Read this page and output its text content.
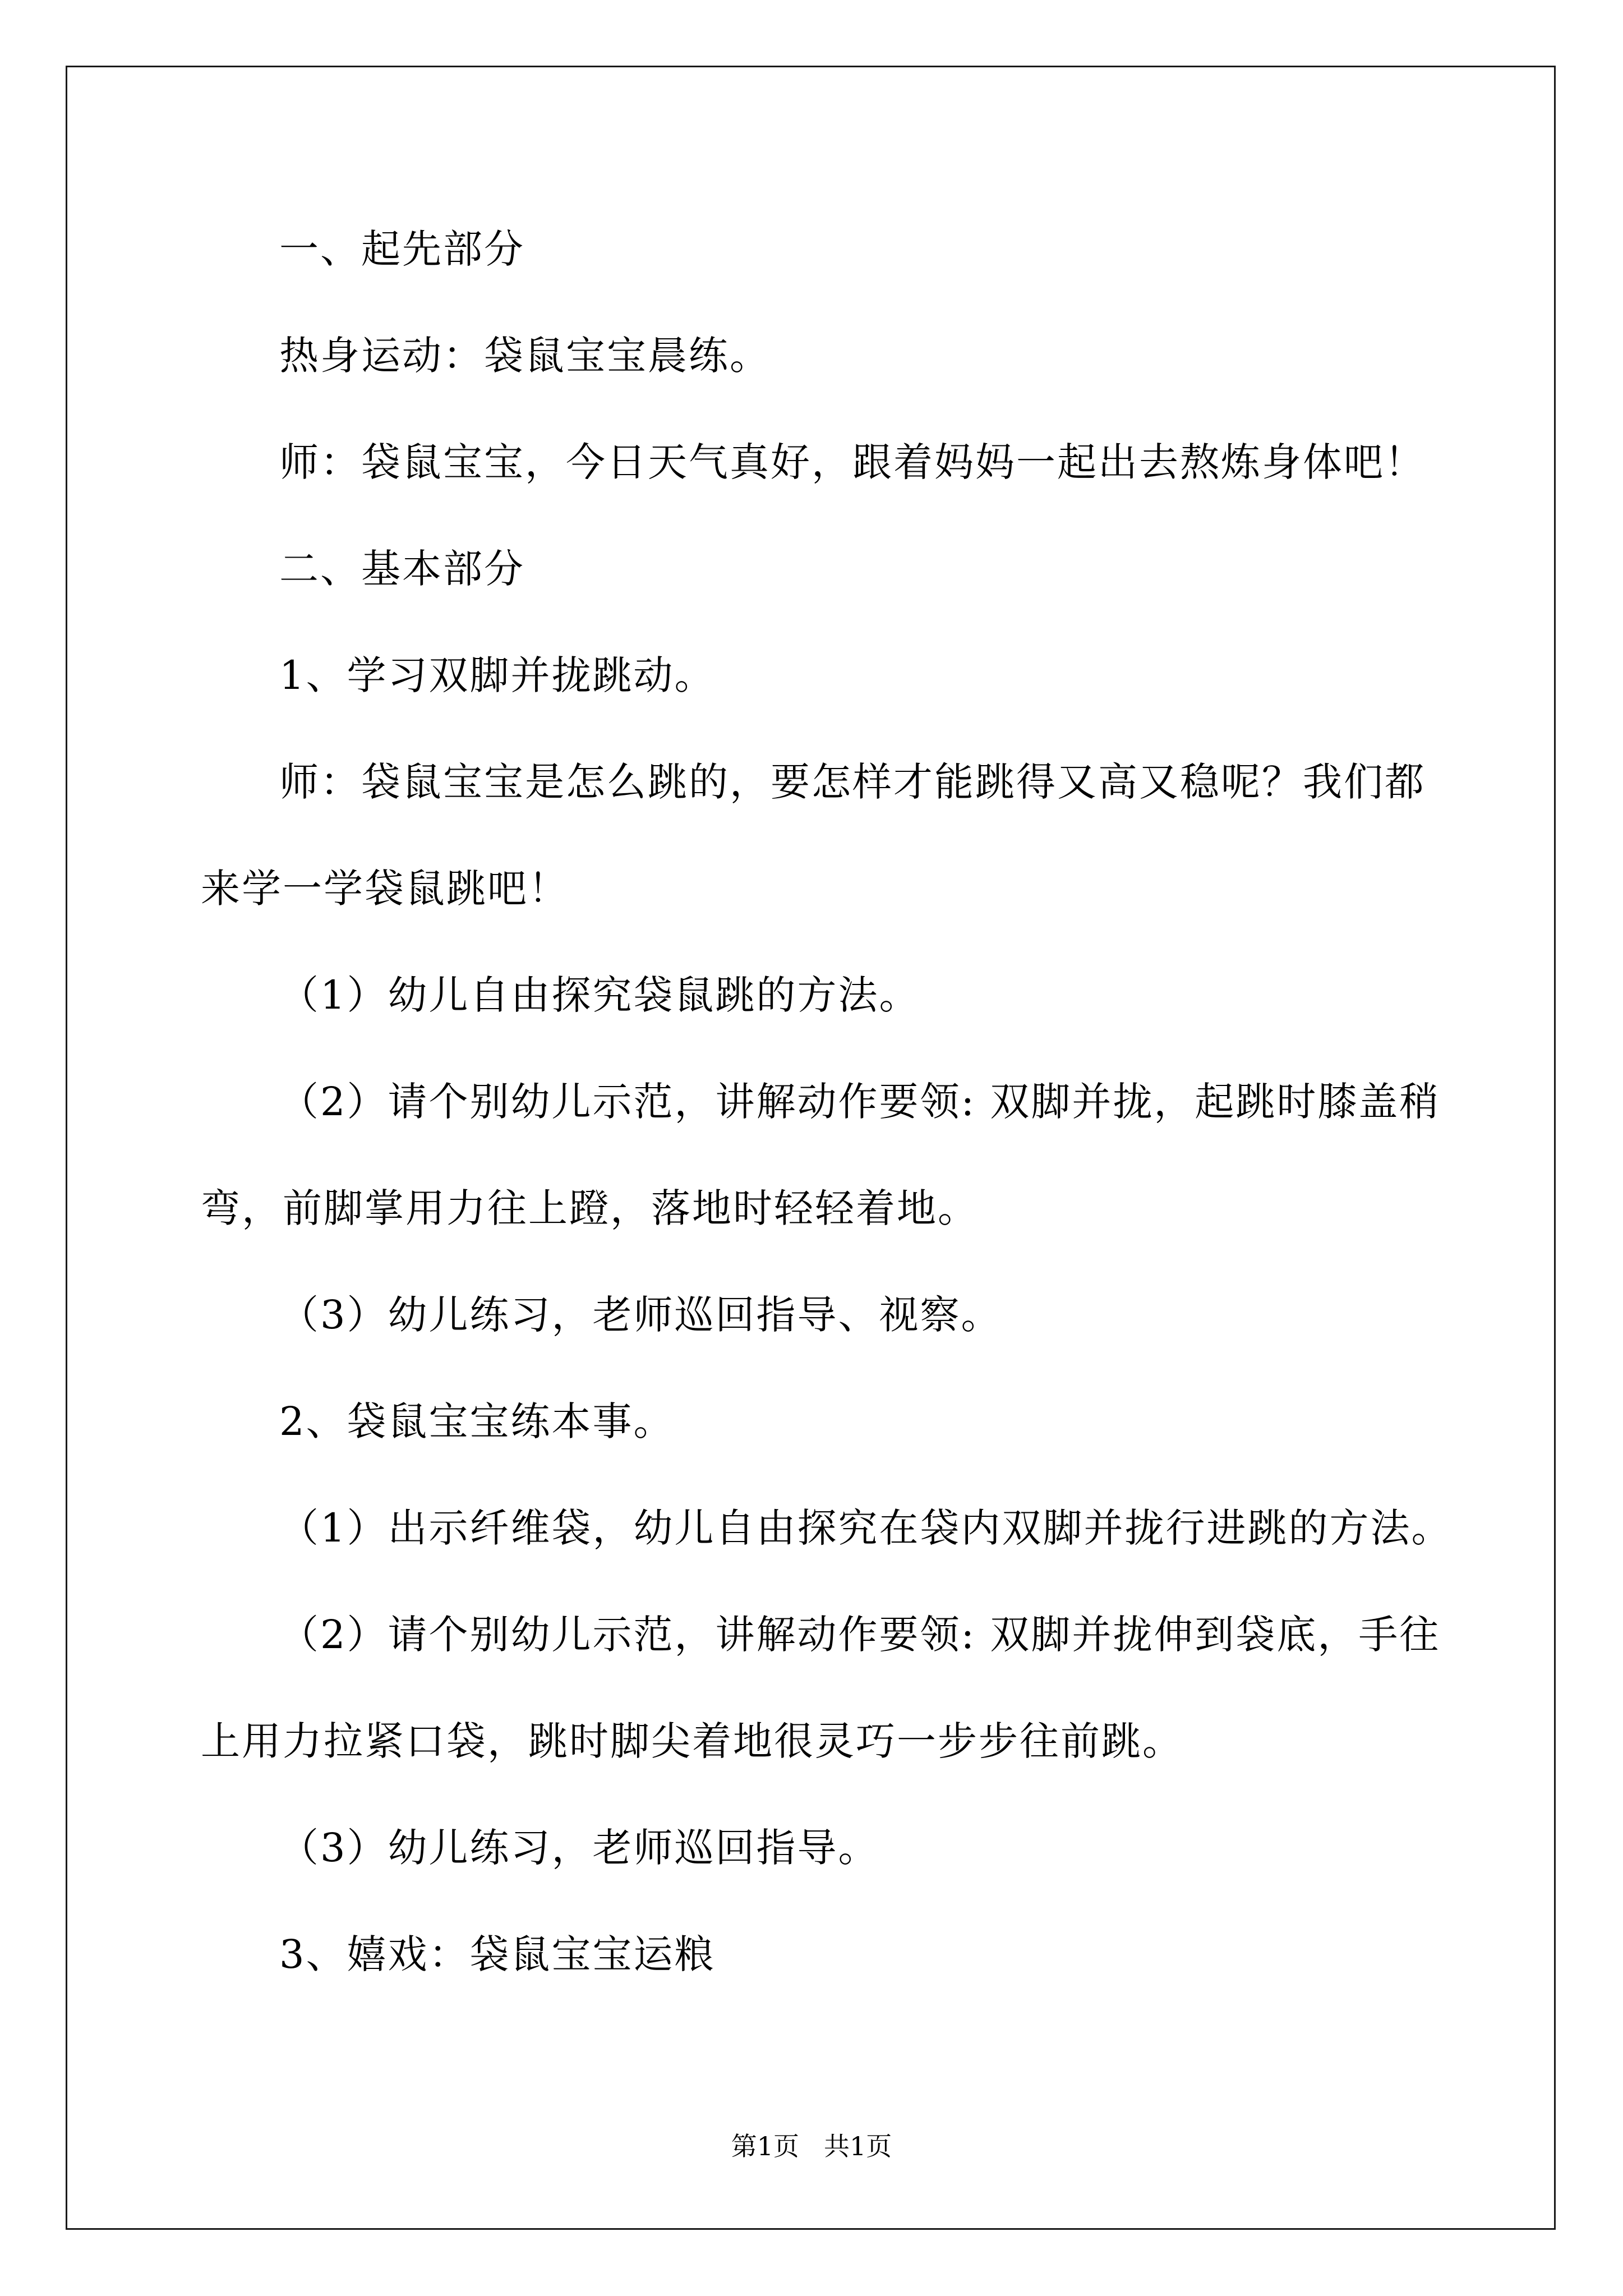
一、起先部分
热身运动：袋鼠宝宝晨练。
师：袋鼠宝宝，今日天气真好，跟着妈妈一起出去熬炼身体吧！
二、基本部分
1、学习双脚并拢跳动。
师：袋鼠宝宝是怎么跳的，要怎样才能跳得又高又稳呢？我们都
来学一学袋鼠跳吧！
（1）幼儿自由探究袋鼠跳的方法。
（2）请个别幼儿示范，讲解动作要领: 双脚并拢，起跳时膝盖稍
弯，前脚掌用力往上蹬，落地时轻轻着地。
（3）幼儿练习，老师巡回指导、视察。
2、袋鼠宝宝练本事。
（1）出示纤维袋，幼儿自由探究在袋内双脚并拢行进跳的方法。
（2）请个别幼儿示范，讲解动作要领: 双脚并拢伸到袋底，手往
上用力拉紧口袋，跳时脚尖着地很灵巧一步步往前跳。
（3）幼儿练习，老师巡回指导。
3、嬉戏：袋鼠宝宝运粮
第1页 共1页
